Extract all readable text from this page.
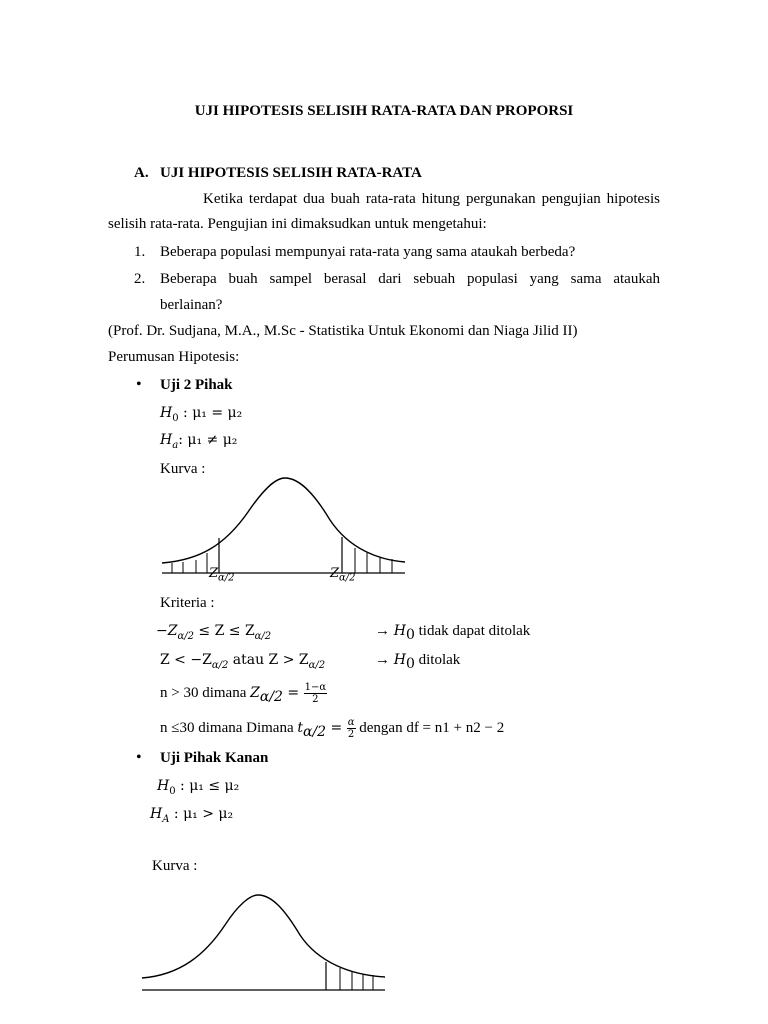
UJI HIPOTESIS SELISIH RATA-RATA DAN PROPORSI
A. UJI HIPOTESIS SELISIH RATA-RATA
Ketika terdapat dua buah rata-rata hitung pergunakan pengujian hipotesis
selisih rata-rata. Pengujian ini dimaksudkan untuk mengetahui:
1. Beberapa populasi mempunyai rata-rata yang sama ataukah berbeda?
2. Beberapa buah sampel berasal dari sebuah populasi yang sama ataukah
berlainan?
(Prof. Dr. Sudjana, M.A., M.Sc - Statistika Untuk Ekonomi dan Niaga Jilid II)
Perumusan Hipotesis:
• Uji 2 Pihak
$H_0$ : μ₁ = μ₂
$H_a$: μ₁ ≠ μ₂
Kurva :
$Z_{\alpha/2}$	$Z_{\alpha/2}$
Kriteria :
$-Z_{\alpha/2} \le Z \le Z_{\alpha/2}$	→ $H_0$ tidak dapat ditolak
$Z < -Z_{\alpha/2}$ atau $Z > Z_{\alpha/2}$	→ $H_0$ ditolak
n > 30 dimana $Z_{\alpha/2} = \frac{1-\alpha}{2}$
n ≤30 dimana Dimana $t_{\alpha/2} = \frac{\alpha}{2}$ dengan df = n1 + n2 − 2
• Uji Pihak Kanan
$H_0$ : μ₁ ≤ μ₂
$H_A$ : μ₁ > μ₂
Kurva :
